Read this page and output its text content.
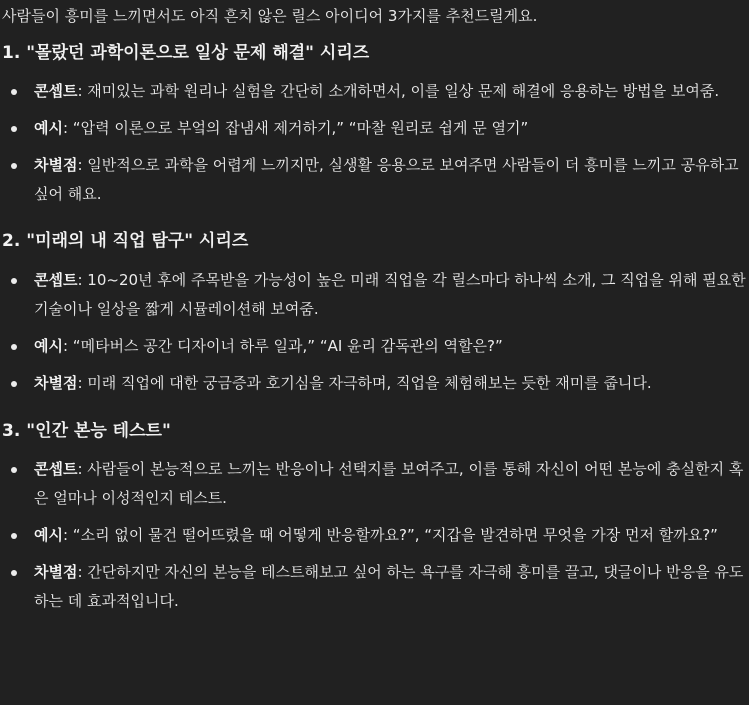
사람들이 흥미를 느끼면서도 아직 흔치 않은 릴스 아이디어 3가지를 추천드릴게요.

1. "몰랐던 과학이론으로 일상 문제 해결" 시리즈
콘셉트: 재미있는 과학 원리나 실험을 간단히 소개하면서, 이를 일상 문제 해결에 응용하는 방법을 보여줌.
예시: “압력 이론으로 부엌의 잡냄새 제거하기,” “마찰 원리로 쉽게 문 열기”
차별점: 일반적으로 과학을 어렵게 느끼지만, 실생활 응용으로 보여주면 사람들이 더 흥미를 느끼고 공유하고 싶어 해요.
2. "미래의 내 직업 탐구" 시리즈
콘셉트: 10~20년 후에 주목받을 가능성이 높은 미래 직업을 각 릴스마다 하나씩 소개, 그 직업을 위해 필요한 기술이나 일상을 짧게 시뮬레이션해 보여줌.
예시: “메타버스 공간 디자이너 하루 일과,” “AI 윤리 감독관의 역할은?”
차별점: 미래 직업에 대한 궁금증과 호기심을 자극하며, 직업을 체험해보는 듯한 재미를 줍니다.
3. "인간 본능 테스트"
콘셉트: 사람들이 본능적으로 느끼는 반응이나 선택지를 보여주고, 이를 통해 자신이 어떤 본능에 충실한지 혹은 얼마나 이성적인지 테스트.
예시: “소리 없이 물건 떨어뜨렸을 때 어떻게 반응할까요?”, “지갑을 발견하면 무엇을 가장 먼저 할까요?”
차별점: 간단하지만 자신의 본능을 테스트해보고 싶어 하는 욕구를 자극해 흥미를 끌고, 댓글이나 반응을 유도하는 데 효과적입니다.
